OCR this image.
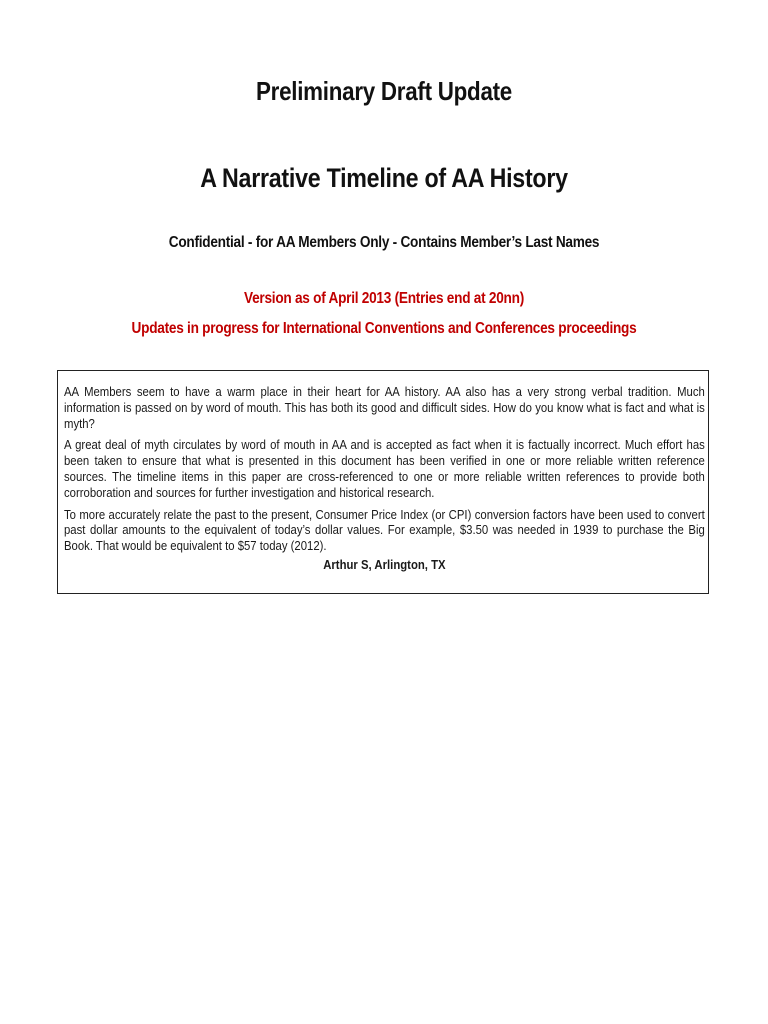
Preliminary Draft Update
A Narrative Timeline of AA History
Confidential - for AA Members Only - Contains Member’s Last Names
Version as of April 2013 (Entries end at 20nn)
Updates in progress for International Conventions and Conferences proceedings

AA Members seem to have a warm place in their heart for AA history. AA also has a very strong verbal tradition. Much information is passed on by word of mouth. This has both its good and difficult sides. How do you know what is fact and what is myth?

A great deal of myth circulates by word of mouth in AA and is accepted as fact when it is factually incorrect. Much effort has been taken to ensure that what is presented in this document has been verified in one or more reliable written reference sources. The timeline items in this paper are cross-referenced to one or more reliable written references to provide both corroboration and sources for further investigation and historical research.

To more accurately relate the past to the present, Consumer Price Index (or CPI) conversion factors have been used to convert past dollar amounts to the equivalent of today’s dollar values. For example, $3.50 was needed in 1939 to purchase the Big Book. That would be equivalent to $57 today (2012).

Arthur S, Arlington, TX
